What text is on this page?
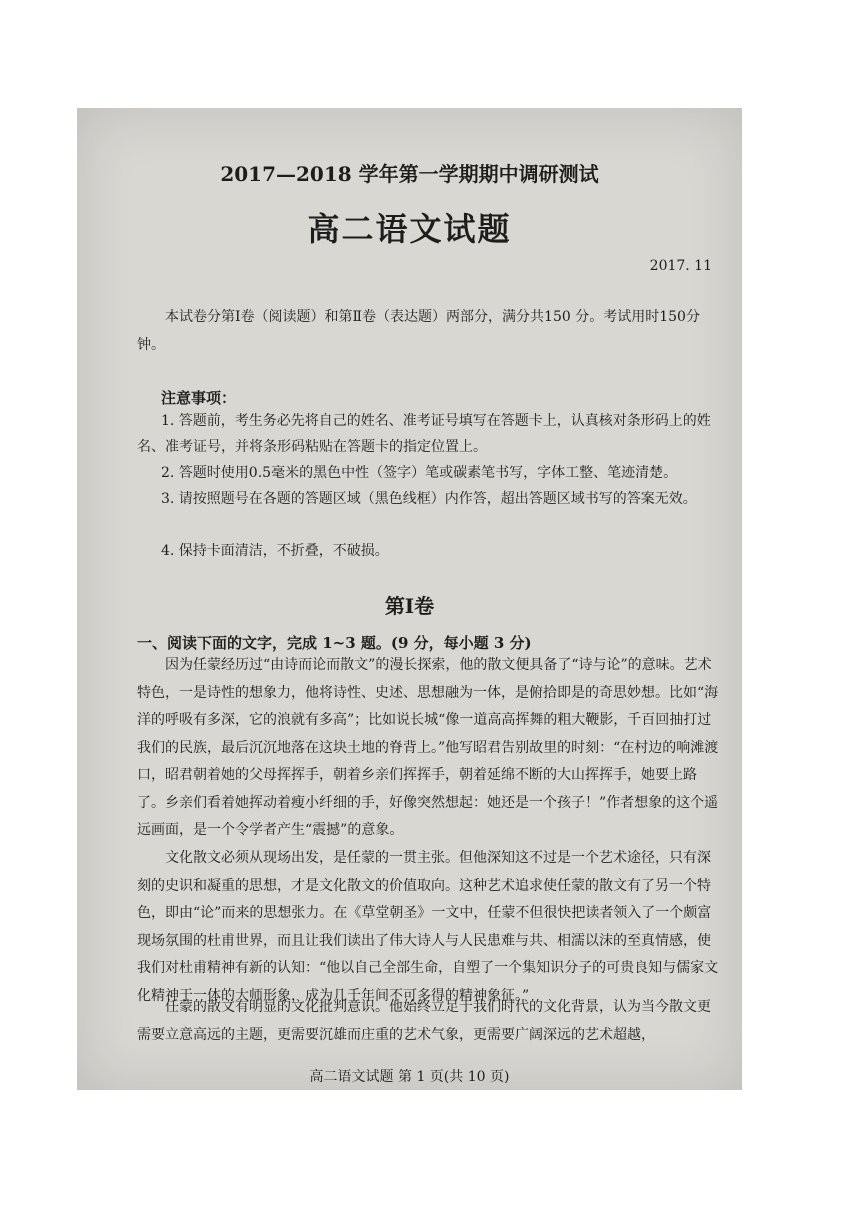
2017—2018 学年第一学期期中调研测试
高二语文试题
2017. 11
本试卷分第Ⅰ卷（阅读题）和第Ⅱ卷（表达题）两部分，满分共150 分。考试用时150分钟。
注意事项：
1. 答题前，考生务必先将自己的姓名、准考证号填写在答题卡上，认真核对条形码上的姓名、准考证号，并将条形码粘贴在答题卡的指定位置上。
2. 答题时使用0.5毫米的黑色中性（签字）笔或碳素笔书写，字体工整、笔迹清楚。
3. 请按照题号在各题的答题区域（黑色线框）内作答，超出答题区域书写的答案无效。
4. 保持卡面清洁，不折叠，不破损。
第Ⅰ卷
一、阅读下面的文字，完成 1~3 题。(9 分，每小题 3 分)
因为任蒙经历过“由诗而论而散文”的漫长探索，他的散文便具备了“诗与论”的意味。艺术特色，一是诗性的想象力，他将诗性、史述、思想融为一体，是俯拾即是的奇思妙想。比如“海洋的呼吸有多深，它的浪就有多高”；比如说长城“像一道高高挥舞的粗大鞭影，千百回抽打过我们的民族，最后沉沉地落在这块土地的脊背上。”他写昭君告别故里的时刻：“在村边的响滩渡口，昭君朝着她的父母挥挥手，朝着乡亲们挥挥手，朝着延绵不断的大山挥挥手，她要上路了。乡亲们看着她挥动着瘦小纤细的手，好像突然想起：她还是一个孩子！”作者想象的这个遥远画面，是一个令学者产生“震撼”的意象。
文化散文必须从现场出发，是任蒙的一贯主张。但他深知这不过是一个艺术途径，只有深刻的史识和凝重的思想，才是文化散文的价值取向。这种艺术追求使任蒙的散文有了另一个特色，即由“论”而来的思想张力。在《草堂朝圣》一文中，任蒙不但很快把读者领入了一个颇富现场氛围的杜甫世界，而且让我们读出了伟大诗人与人民患难与共、相濡以沫的至真情感，使我们对杜甫精神有新的认知：“他以自己全部生命，自塑了一个集知识分子的可贵良知与儒家文化精神于一体的大师形象，成为几千年间不可多得的精神象征。”
任蒙的散文有明显的文化批判意识。他始终立足于我们时代的文化背景，认为当今散文更需要立意高远的主题，更需要沉雄而庄重的艺术气象，更需要广阔深远的艺术超越，
高二语文试题 第 1 页(共 10 页)
